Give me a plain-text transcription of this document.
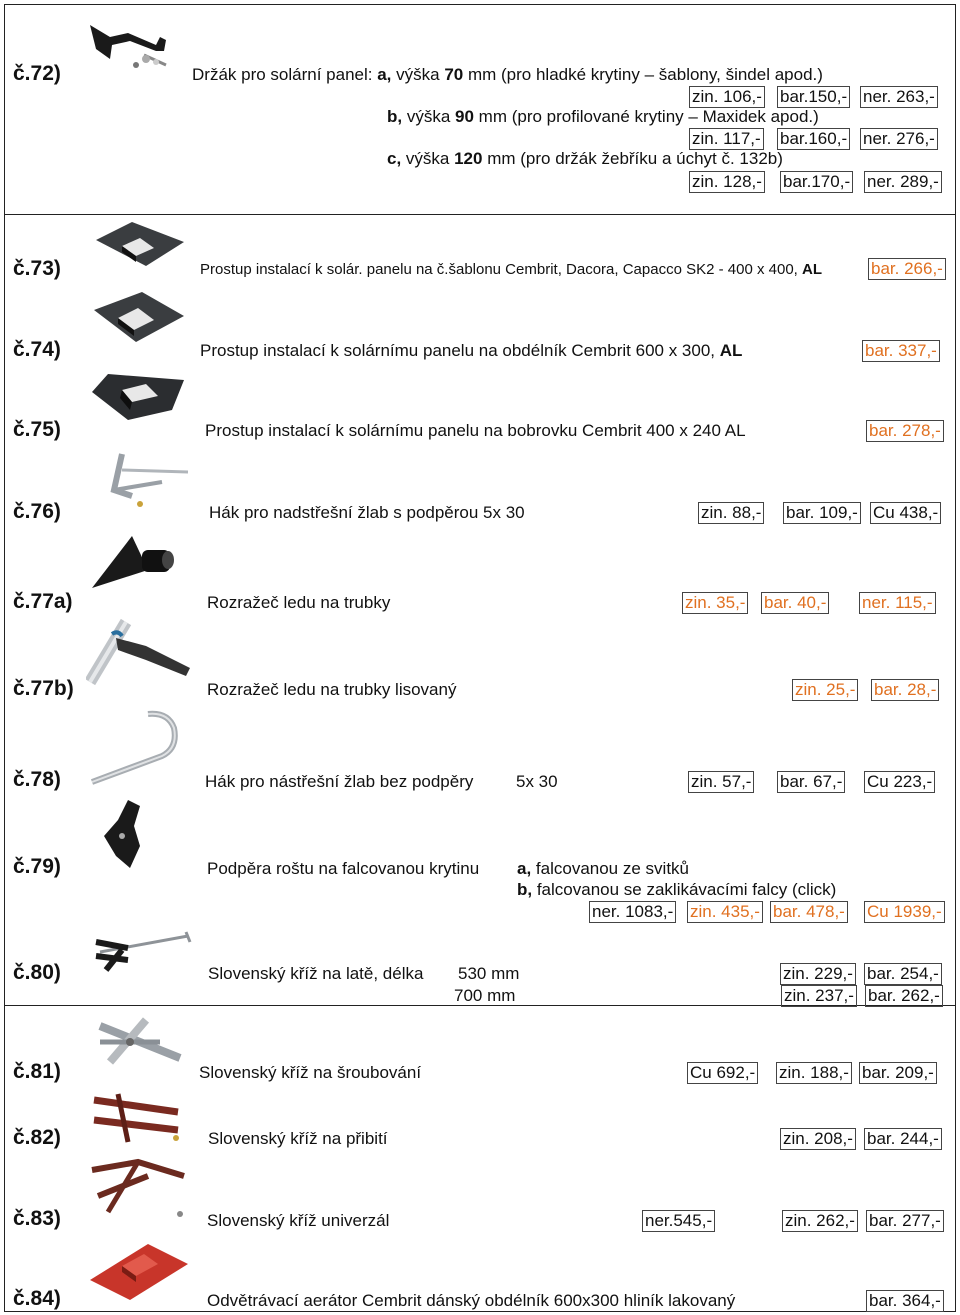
č.72)	Držák pro solární panel: a, výška 70 mm (pro hladké krytiny – šablony, šindel apod.)
zin. 106,- bar.150,- ner. 263,-
b, výška 90 mm (pro profilované krytiny – Maxidek apod.)
zin. 117,- bar.160,- ner. 276,-
c, výška 120 mm (pro držák žebříku a úchyt č. 132b)
zin. 128,- bar.170,- ner. 289,-
č.73)	Prostup instalací k solár. panelu na č.šablonu Cembrit, Dacora, Capacco SK2 - 400 x 400, AL	bar. 266,-
č.74)	Prostup instalací k solárnímu panelu na obdélník Cembrit 600 x 300, AL	bar. 337,-
č.75)	Prostup instalací k solárnímu panelu na bobrovku Cembrit 400 x 240 AL	bar. 278,-
č.76)	Hák pro nadstřešní žlab s podpěrou 5x 30	zin. 88,- bar. 109,- Cu 438,-
č.77a)	Rozražeč ledu na trubky	zin. 35,- bar. 40,- ner. 115,-
č.77b)	Rozražeč ledu na trubky lisovaný	zin. 25,- bar. 28,-
č.78)	Hák pro nástřešní žlab bez podpěry	5x 30	zin. 57,- bar. 67,- Cu 223,-
č.79)	Podpěra roštu na falcovanou krytinu a, falcovanou ze svitků
b, falcovanou se zaklikávacími falcy (click)
ner. 1083,- zin. 435,- bar. 478,- Cu 1939,-
č.80)	Slovenský kříž na latě, délka 530 mm	zin. 229,- bar. 254,-
700 mm	zin. 237,- bar. 262,-
č.81)	Slovenský kříž na šroubování	Cu 692,- zin. 188,- bar. 209,-
č.82)	Slovenský kříž na přibití	zin. 208,- bar. 244,-
č.83)	Slovenský kříž univerzál	ner.545,-	zin. 262,- bar. 277,-
č.84)	Odvětrávací aerátor Cembrit dánský obdélník 600x300 hliník lakovaný	bar. 364,-
